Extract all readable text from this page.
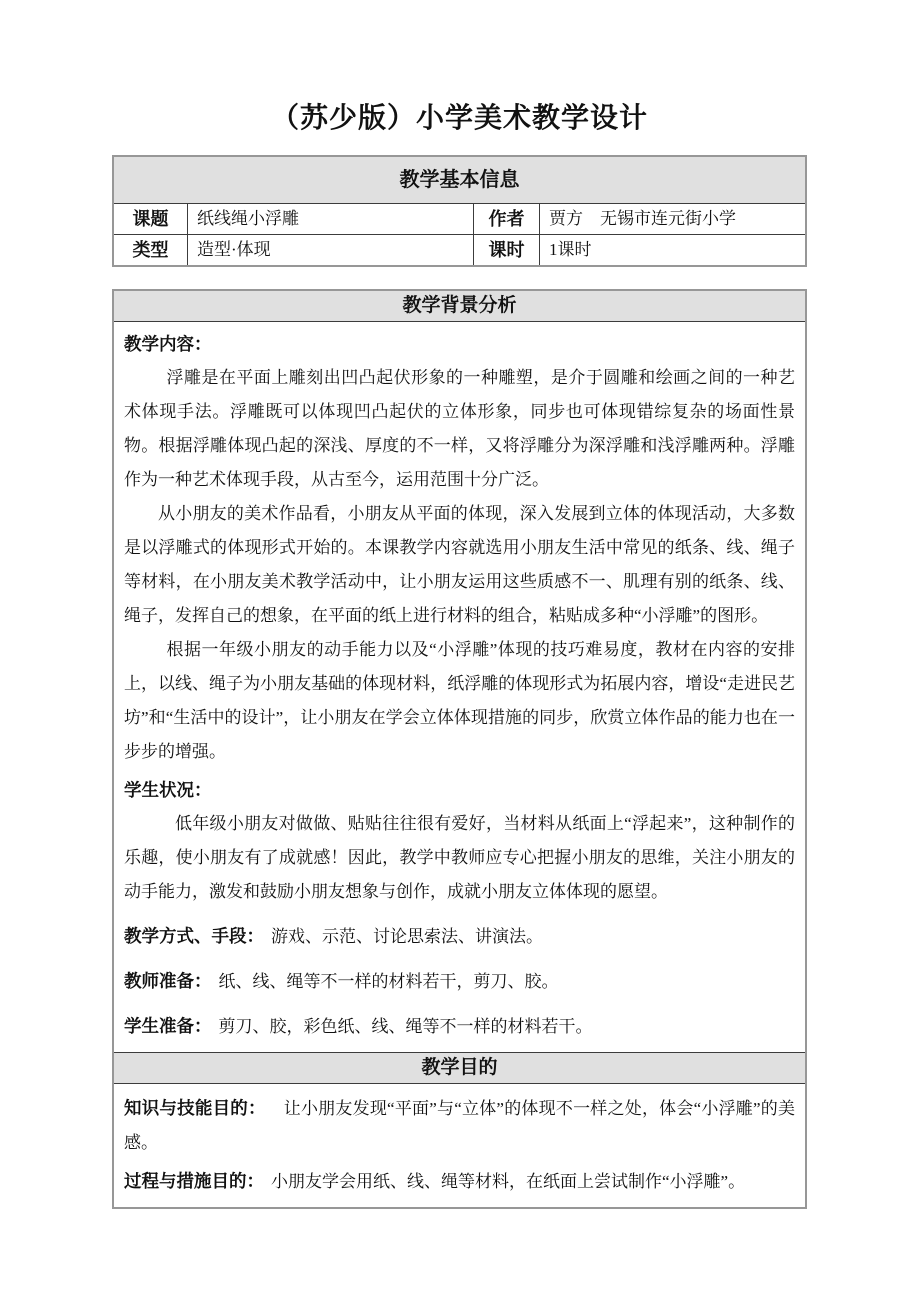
（苏少版）小学美术教学设计
教学基本信息
课题	纸线绳小浮雕	作者	贾方　无锡市连元街小学
类型	造型·体现	课时	1课时
教学背景分析

教学内容：

浮雕是在平面上雕刻出凹凸起伏形象的一种雕塑，是介于圆雕和绘画之间的一种艺术体现手法。浮雕既可以体现凹凸起伏的立体形象，同步也可体现错综复杂的场面性景物。根据浮雕体现凸起的深浅、厚度的不一样，又将浮雕分为深浮雕和浅浮雕两种。浮雕作为一种艺术体现手段，从古至今，运用范围十分广泛。

从小朋友的美术作品看，小朋友从平面的体现，深入发展到立体的体现活动，大多数是以浮雕式的体现形式开始的。本课教学内容就选用小朋友生活中常见的纸条、线、绳子等材料，在小朋友美术教学活动中，让小朋友运用这些质感不一、肌理有别的纸条、线、绳子，发挥自己的想象，在平面的纸上进行材料的组合，粘贴成多种“小浮雕”的图形。

根据一年级小朋友的动手能力以及“小浮雕”体现的技巧难易度，教材在内容的安排上，以线、绳子为小朋友基础的体现材料，纸浮雕的体现形式为拓展内容，增设“走进民艺坊”和“生活中的设计”，让小朋友在学会立体体现措施的同步，欣赏立体作品的能力也在一步步的增强。

学生状况：

低年级小朋友对做做、贴贴往往很有爱好，当材料从纸面上“浮起来”，这种制作的乐趣，使小朋友有了成就感！因此，教学中教师应专心把握小朋友的思维，关注小朋友的动手能力，激发和鼓励小朋友想象与创作，成就小朋友立体体现的愿望。

教学方式、手段： 游戏、示范、讨论思索法、讲演法。

教师准备： 纸、线、绳等不一样的材料若干，剪刀、胶。

学生准备： 剪刀、胶，彩色纸、线、绳等不一样的材料若干。

教学目的

知识与技能目的： 让小朋友发现“平面”与“立体”的体现不一样之处，体会“小浮雕”的美感。

过程与措施目的： 小朋友学会用纸、线、绳等材料，在纸面上尝试制作“小浮雕”。
